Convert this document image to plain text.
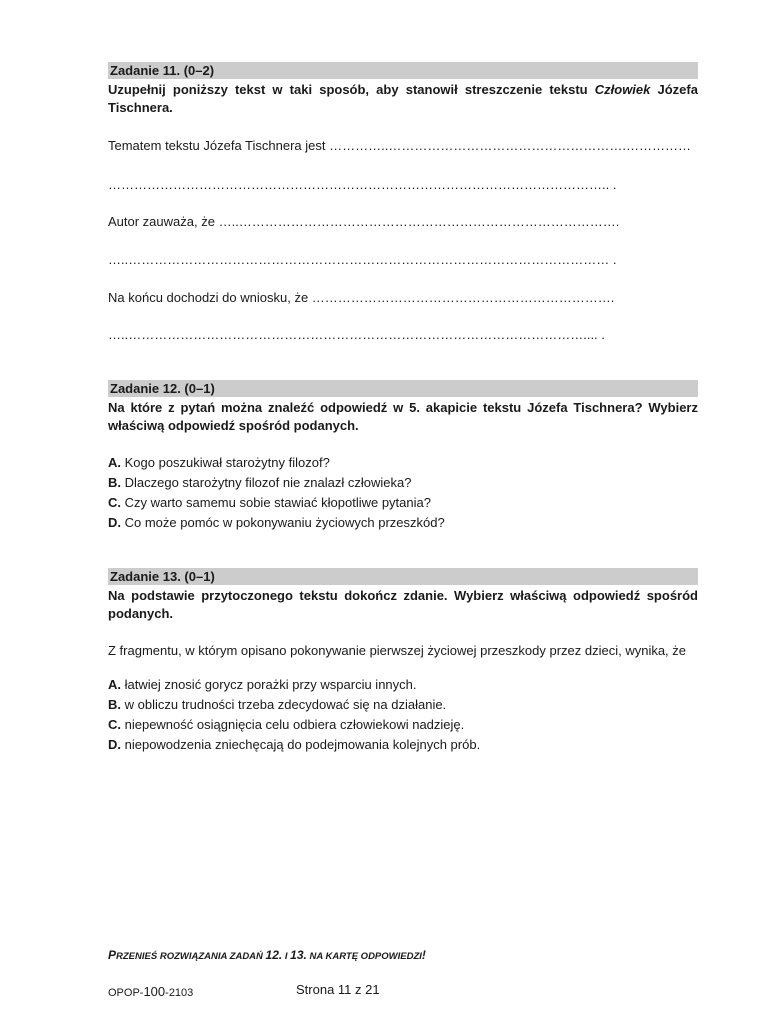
Zadanie 11. (0–2)

Uzupełnij poniższy tekst w taki sposób, aby stanowił streszczenie tekstu Człowiek Józefa Tischnera.

Tematem tekstu Józefa Tischnera jest …………..……………………………………………….……………
…………………………………………………………………………………………………….. .
Autor zauważa, że …..…………………………………………………………………………….
…..………………………………………………………………………………………………… .
Na końcu dochodzi do wniosku, że …………………………………………………………….
…..…………………………………………………………………………………………….... .
Zadanie 12. (0–1)

Na które z pytań można znaleźć odpowiedź w 5. akapicie tekstu Józefa Tischnera? Wybierz właściwą odpowiedź spośród podanych.

A. Kogo poszukiwał starożytny filozof?

B. Dlaczego starożytny filozof nie znalazł człowieka?

C. Czy warto samemu sobie stawiać kłopotliwe pytania?

D. Co może pomóc w pokonywaniu życiowych przeszkód?

Zadanie 13. (0–1)

Na podstawie przytoczonego tekstu dokończ zdanie. Wybierz właściwą odpowiedź spośród podanych.

Z fragmentu, w którym opisano pokonywanie pierwszej życiowej przeszkody przez dzieci, wynika, że

A. łatwiej znosić gorycz porażki przy wsparciu innych.

B. w obliczu trudności trzeba zdecydować się na działanie.

C. niepewność osiągnięcia celu odbiera człowiekowi nadzieję.

D. niepowodzenia zniechęcają do podejmowania kolejnych prób.

PRZENIEŚ ROZWIĄZANIA ZADAŃ 12. I 13. NA KARTĘ ODPOWIEDZI!
OPOP-100-2103	Strona 11 z 21
